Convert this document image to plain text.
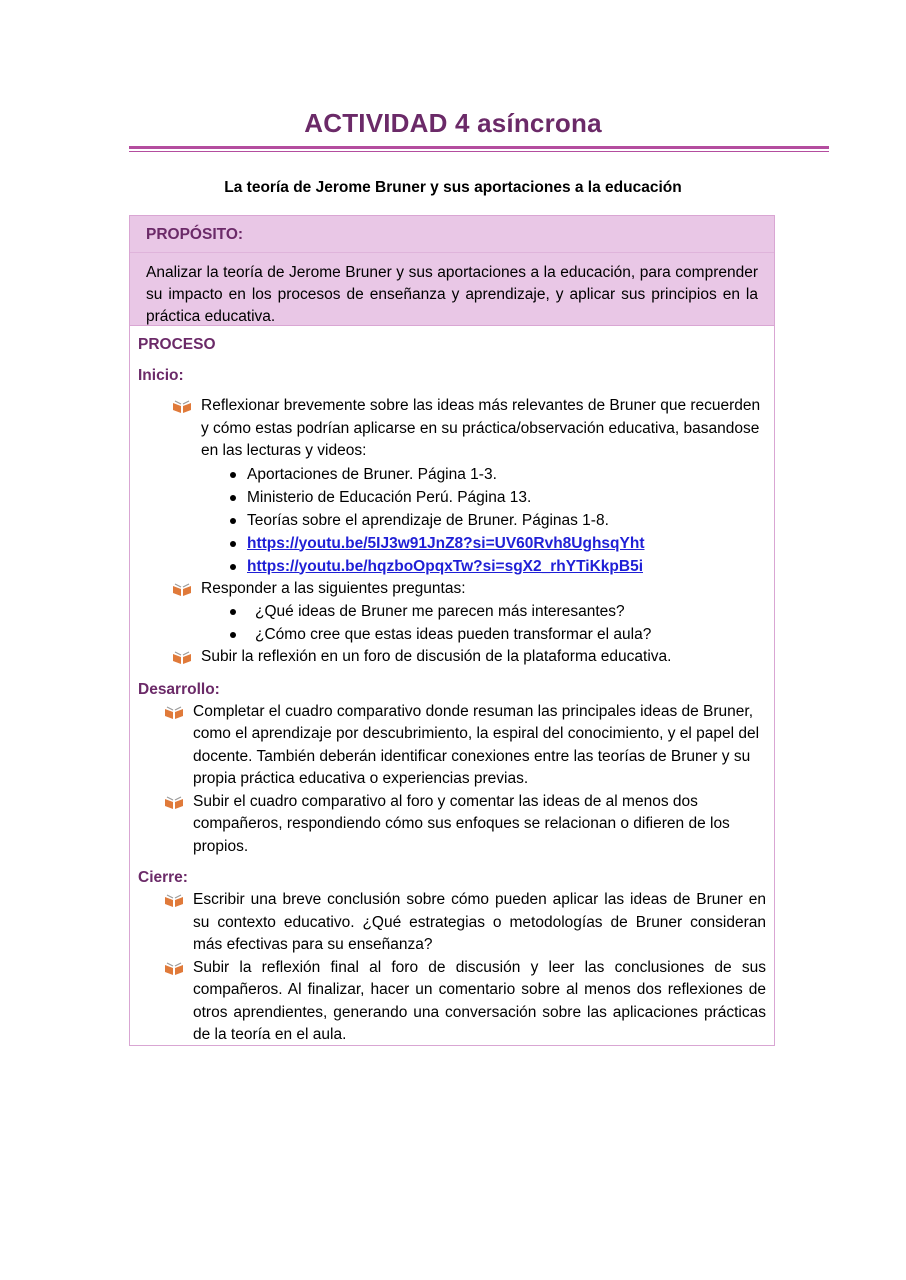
ACTIVIDAD 4 asíncrona
La teoría de Jerome Bruner y sus aportaciones a la educación
PROPÓSITO:
Analizar la teoría de Jerome Bruner y sus aportaciones a la educación, para comprender su impacto en los procesos de enseñanza y aprendizaje, y aplicar sus principios en la práctica educativa.
PROCESO
Inicio:
Reflexionar brevemente sobre las ideas más relevantes de Bruner que recuerden y cómo estas podrían aplicarse en su práctica/observación educativa, basandose en las lecturas y videos:
Aportaciones de Bruner. Página 1-3.
Ministerio de Educación Perú. Página 13.
Teorías sobre el aprendizaje de Bruner. Páginas 1-8.
https://youtu.be/5IJ3w91JnZ8?si=UV60Rvh8UghsqYht
https://youtu.be/hqzboOpqxTw?si=sgX2_rhYTiKkpB5i
Responder a las siguientes preguntas:
¿Qué ideas de Bruner me parecen más interesantes?
¿Cómo cree que estas ideas pueden transformar el aula?
Subir la reflexión en un foro de discusión de la plataforma educativa.
Desarrollo:
Completar el cuadro comparativo donde resuman las principales ideas de Bruner, como el aprendizaje por descubrimiento, la espiral del conocimiento, y el papel del docente. También deberán identificar conexiones entre las teorías de Bruner y su propia práctica educativa o experiencias previas.
Subir el cuadro comparativo al foro y comentar las ideas de al menos dos compañeros, respondiendo cómo sus enfoques se relacionan o difieren de los propios.
Cierre:
Escribir una breve conclusión sobre cómo pueden aplicar las ideas de Bruner en su contexto educativo. ¿Qué estrategias o metodologías de Bruner consideran más efectivas para su enseñanza?
Subir la reflexión final al foro de discusión y leer las conclusiones de sus compañeros. Al finalizar, hacer un comentario sobre al menos dos reflexiones de otros aprendientes, generando una conversación sobre las aplicaciones prácticas de la teoría en el aula.
